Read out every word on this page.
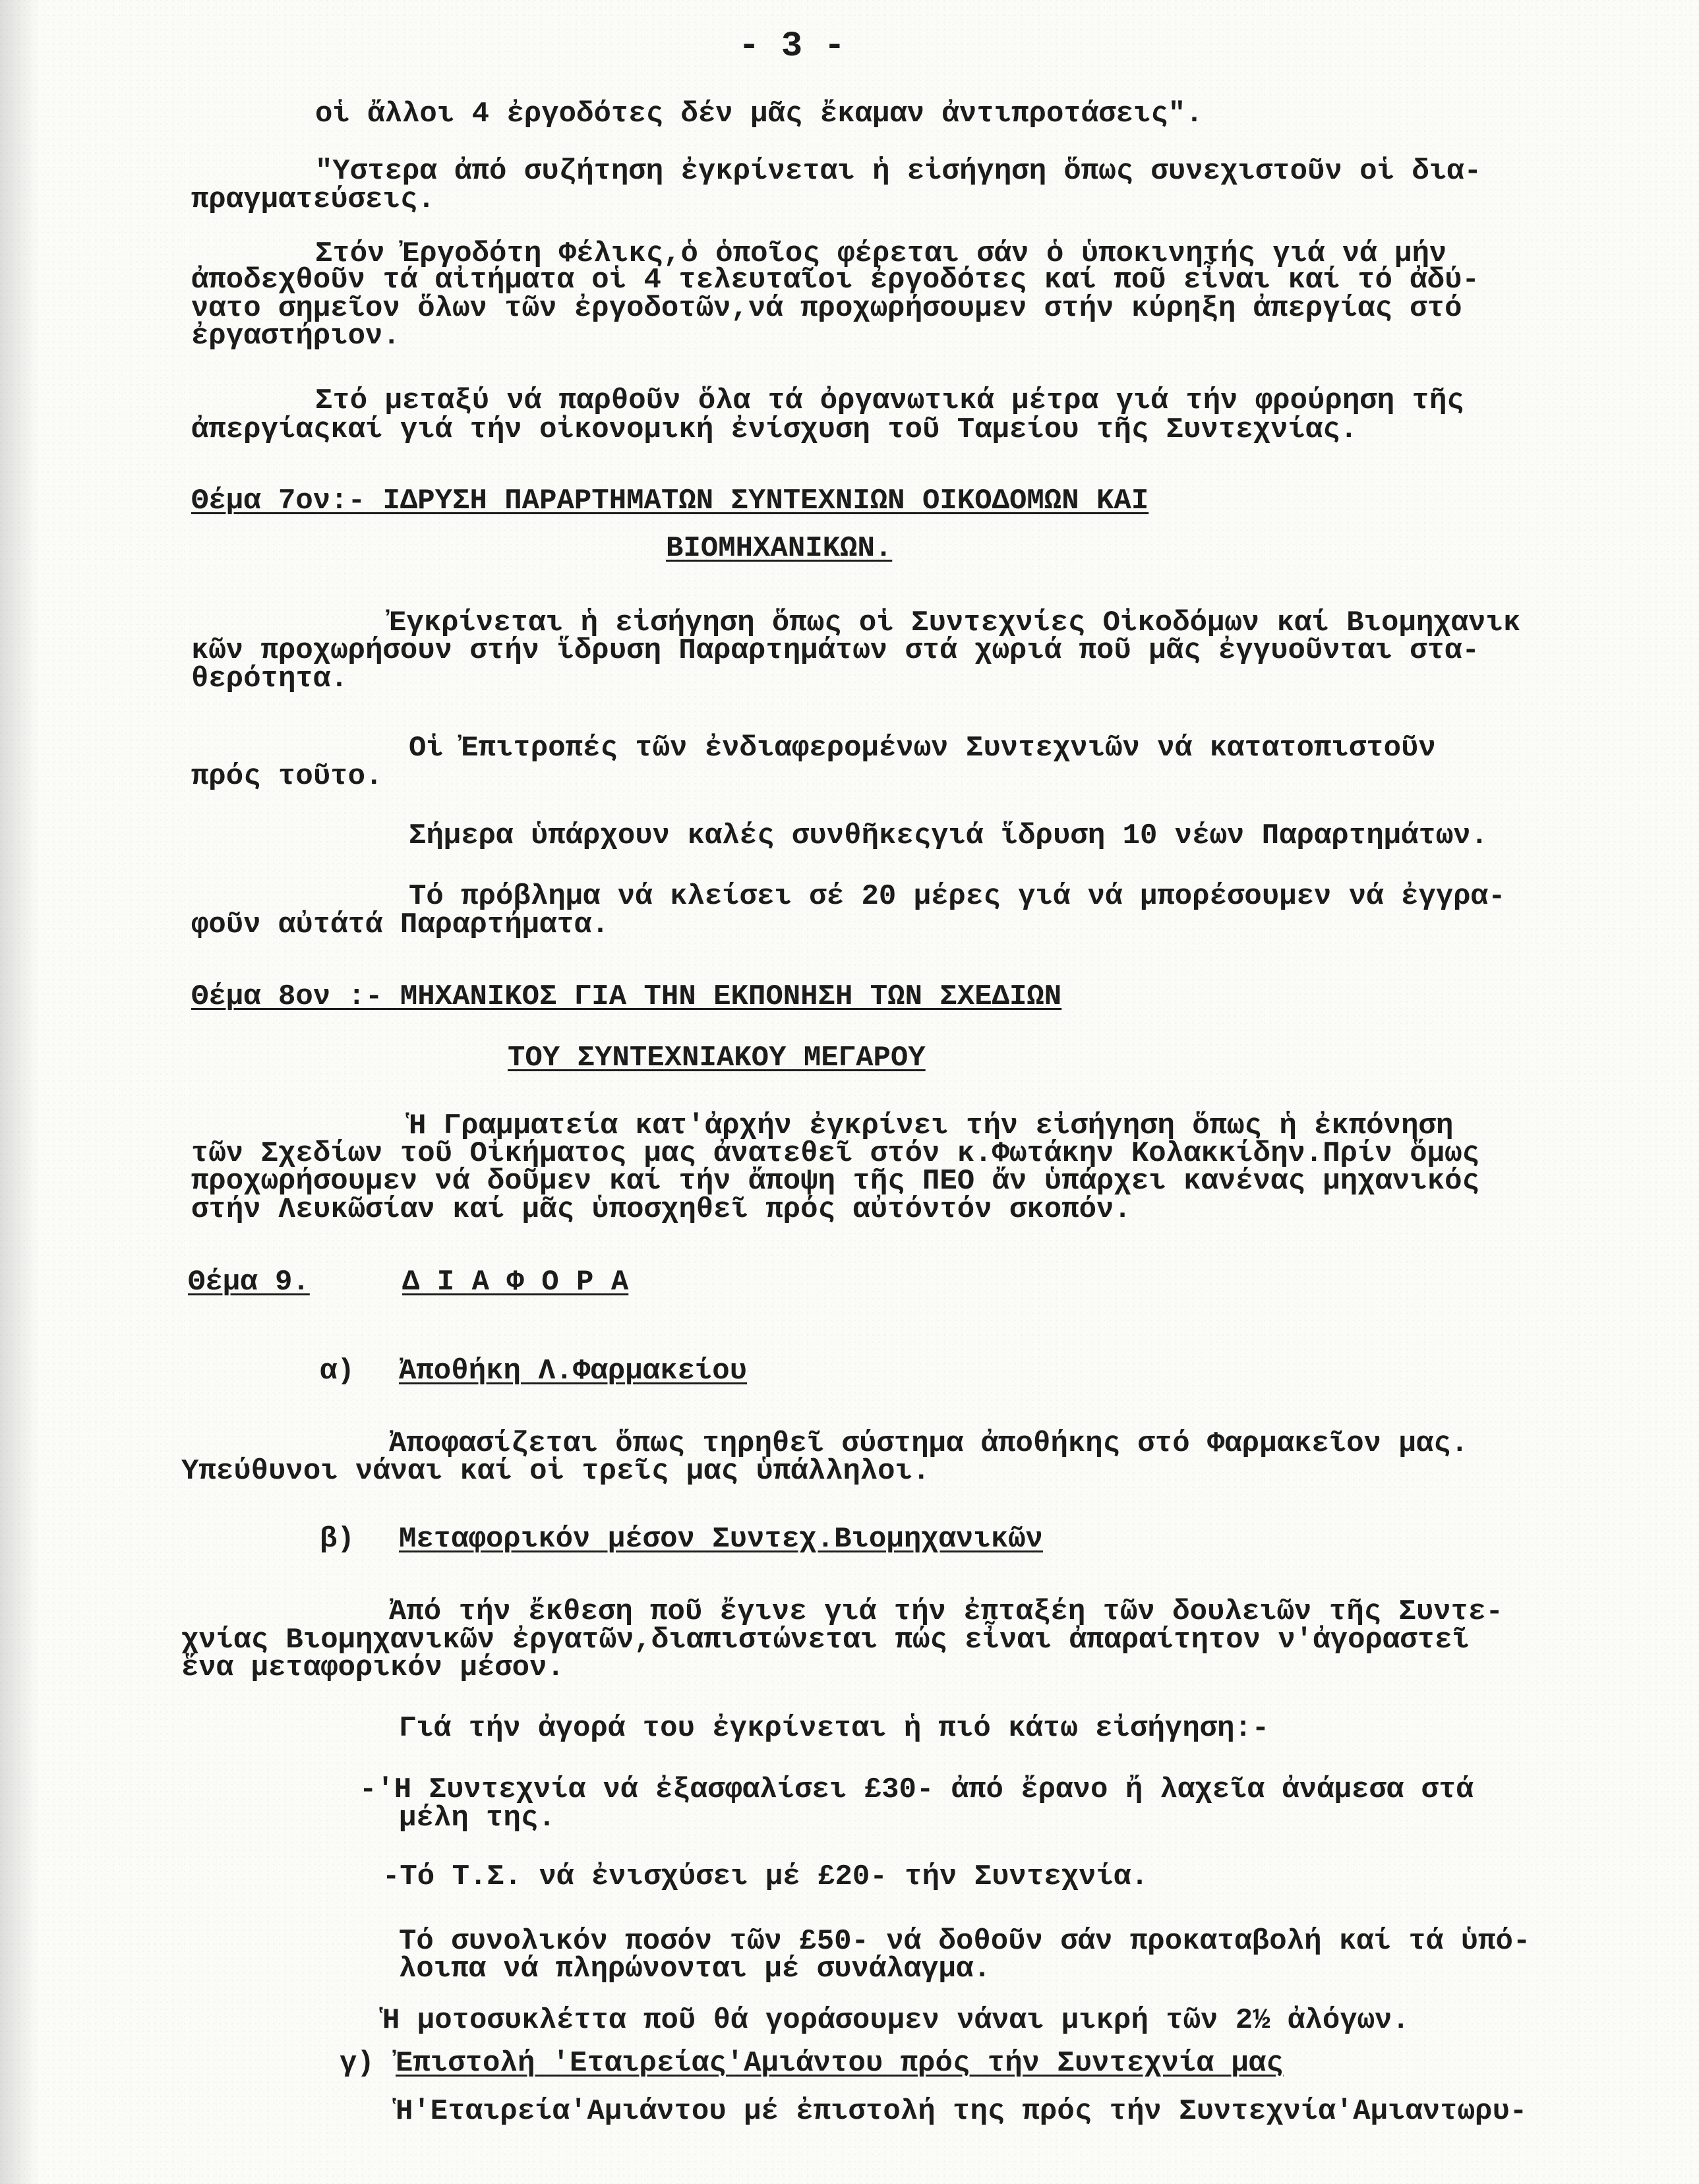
- 3 -
οἱ ἄλλοι 4 ἐργοδότες δέν μᾶς ἔκαμαν ἀντιπροτάσεις".
"Υστερα ἀπό συζήτηση ἐγκρίνεται ἡ εἰσήγηση ὅπως συνεχιστοῦν οἱ δια-
πραγματεύσεις.
Στόν Ἐργοδότη Φέλικς,ὁ ὁποῖος φέρεται σάν ὁ ὑποκινητής γιά νά μήν
ἀποδεχθοῦν τά αἰτήματα οἱ 4 τελευταῖοι ἐργοδότες καί ποῦ εἶναι καί τό ἀδύ-
νατο σημεῖον ὅλων τῶν ἐργοδοτῶν,νά προχωρήσουμεν στήν κύρηξη ἀπεργίας στό
ἐργαστήριον.
Στό μεταξύ νά παρθοῦν ὅλα τά ὀργανωτικά μέτρα γιά τήν φρούρηση τῆς
ἀπεργίαςκαί γιά τήν οἰκονομική ἐνίσχυση τοῦ Ταμείου τῆς Συντεχνίας.
Θέμα 7ον:- ΙΔΡΥΣΗ ΠΑΡΑΡΤΗΜΑΤΩΝ ΣΥΝΤΕΧΝΙΩΝ ΟΙΚΟΔΟΜΩΝ ΚΑΙ
ΒΙΟΜΗΧΑΝΙΚΩΝ.
Ἐγκρίνεται ἡ εἰσήγηση ὅπως οἱ Συντεχνίες Οἰκοδόμων καί Βιομηχανικ
κῶν προχωρήσουν στήν ἵδρυση Παραρτημάτων στά χωριά ποῦ μᾶς ἐγγυοῦνται στα-
θερότητα.
Οἱ Ἐπιτροπές τῶν ἐνδιαφερομένων Συντεχνιῶν νά κατατοπιστοῦν
πρός τοῦτο.
Σήμερα ὑπάρχουν καλές συνθῆκεςγιά ἵδρυση 10 νέων Παραρτημάτων.
Τό πρόβλημα νά κλείσει σέ 20 μέρες γιά νά μπορέσουμεν νά ἐγγρα-
φοῦν αὐτάτά Παραρτήματα.
Θέμα 8ον :- ΜΗΧΑΝΙΚΟΣ ΓΙΑ ΤΗΝ ΕΚΠΟΝΗΣΗ ΤΩΝ ΣΧΕΔΙΩΝ
ΤΟΥ ΣΥΝΤΕΧΝΙΑΚΟΥ ΜΕΓΑΡΟΥ
Ἡ Γραμματεία κατ'ἀρχήν ἐγκρίνει τήν εἰσήγηση ὅπως ἡ ἐκπόνηση
τῶν Σχεδίων τοῦ Οἰκήματος μας ἀνατεθεῖ στόν κ.Φωτάκην Κολακκίδην.Πρίν ὅμως
προχωρήσουμεν νά δοῦμεν καί τήν ἄποψη τῆς ΠΕΟ ἄν ὑπάρχει κανένας μηχανικός
στήν Λευκῶσίαν καί μᾶς ὑποσχηθεῖ πρός αὐτόντόν σκοπόν.
Θέμα 9.	Δ Ι Α Φ Ο Ρ Α
α) Ἀποθήκη Λ.Φαρμακείου
Ἀποφασίζεται ὅπως τηρηθεῖ σύστημα ἀποθήκης στό Φαρμακεῖον μας.
Υπεύθυνοι νάναι καί οἱ τρεῖς μας ὑπάλληλοι.
β) Μεταφορικόν μέσον Συντεχ.Βιομηχανικῶν
Ἀπό τήν ἔκθεση ποῦ ἔγινε γιά τήν ἐπταξέη τῶν δουλειῶν τῆς Συντε-
χνίας Βιομηχανικῶν ἐργατῶν,διαπιστώνεται πώς εἶναι ἀπαραίτητον ν'ἀγοραστεῖ
ἕνα μεταφορικόν μέσον.
Γιά τήν ἀγορά του ἐγκρίνεται ἡ πιό κάτω εἰσήγηση:-
-'Η Συντεχνία νά ἐξασφαλίσει £30- ἀπό ἔρανο ἤ λαχεῖα ἀνάμεσα στά
μέλη της.
-Τό Τ.Σ. νά ἐνισχύσει μέ £20- τήν Συντεχνία.
Τό συνολικόν ποσόν τῶν £50- νά δοθοῦν σάν προκαταβολή καί τά ὑπό-
λοιπα νά πληρώνονται μέ συνάλαγμα.
Ἡ μοτοσυκλέττα ποῦ θά γοράσουμεν νάναι μικρή τῶν 2½ ἀλόγων.
γ) Ἐπιστολή 'Εταιρείας'Αμιάντου πρός τήν Συντεχνία μας
Ἡ'Εταιρεία'Αμιάντου μέ ἐπιστολή της πρός τήν Συντεχνία'Αμιαντωρυ-
